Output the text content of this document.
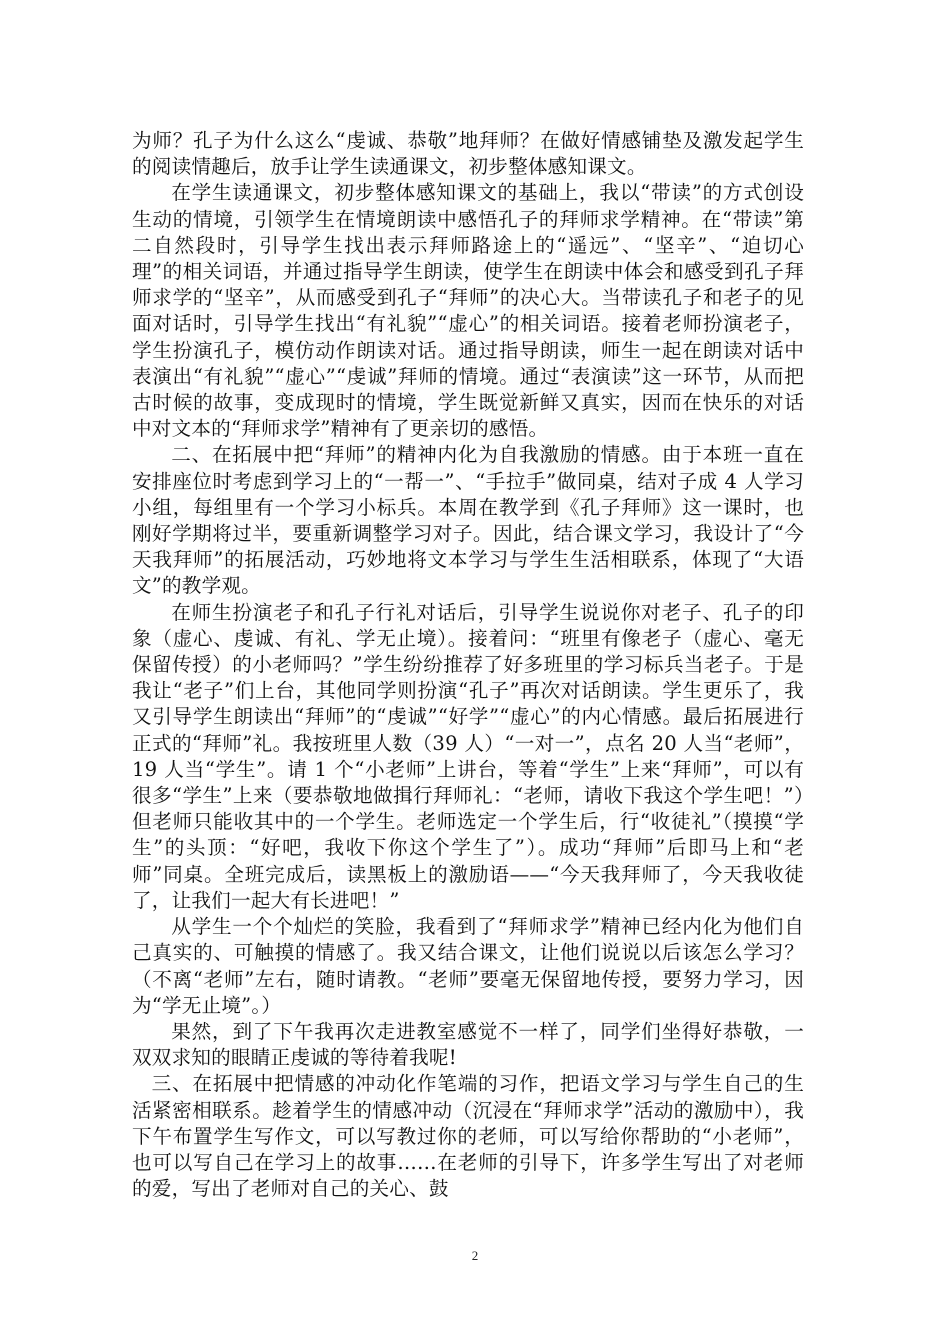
为师？孔子为什么这么“虔诚、恭敬”地拜师？在做好情感铺垫及激发起学生的阅读情趣后，放手让学生读通课文，初步整体感知课文。

在学生读通课文，初步整体感知课文的基础上，我以“带读”的方式创设生动的情境，引领学生在情境朗读中感悟孔子的拜师求学精神。在“带读”第二自然段时，引导学生找出表示拜师路途上的“遥远”、“坚辛”、“迫切心理”的相关词语，并通过指导学生朗读，使学生在朗读中体会和感受到孔子拜师求学的“坚辛”，从而感受到孔子“拜师”的决心大。当带读孔子和老子的见面对话时，引导学生找出“有礼貌”“虚心”的相关词语。接着老师扮演老子，学生扮演孔子，模仿动作朗读对话。通过指导朗读，师生一起在朗读对话中表演出“有礼貌”“虚心”“虔诚”拜师的情境。通过“表演读”这一环节，从而把古时候的故事，变成现时的情境，学生既觉新鲜又真实，因而在快乐的对话中对文本的“拜师求学”精神有了更亲切的感悟。

二、在拓展中把“拜师”的精神内化为自我激励的情感。由于本班一直在安排座位时考虑到学习上的“一帮一”、“手拉手”做同桌，结对子成 4 人学习小组，每组里有一个学习小标兵。本周在教学到《孔子拜师》这一课时，也刚好学期将过半，要重新调整学习对子。因此，结合课文学习，我设计了“今天我拜师”的拓展活动，巧妙地将文本学习与学生生活相联系，体现了“大语文”的教学观。

在师生扮演老子和孔子行礼对话后，引导学生说说你对老子、孔子的印象（虚心、虔诚、有礼、学无止境）。接着问：“班里有像老子（虚心、毫无保留传授）的小老师吗？”学生纷纷推荐了好多班里的学习标兵当老子。于是我让“老子”们上台，其他同学则扮演“孔子”再次对话朗读。学生更乐了，我又引导学生朗读出“拜师”的“虔诚”“好学”“虚心”的内心情感。最后拓展进行正式的“拜师”礼。我按班里人数（39 人）“一对一”，点名 20 人当“老师”，19 人当“学生”。请 1 个“小老师”上讲台，等着“学生”上来“拜师”，可以有很多“学生”上来（要恭敬地做揖行拜师礼：“老师，请收下我这个学生吧！”）但老师只能收其中的一个学生。老师选定一个学生后，行“收徒礼”（摸摸“学生”的头顶：“好吧，我收下你这个学生了”）。成功“拜师”后即马上和“老师”同桌。全班完成后，读黑板上的激励语——“今天我拜师了，今天我收徒了，让我们一起大有长进吧！”

从学生一个个灿烂的笑脸，我看到了“拜师求学”精神已经内化为他们自己真实的、可触摸的情感了。我又结合课文，让他们说说以后该怎么学习？（不离“老师”左右，随时请教。“老师”要毫无保留地传授，要努力学习，因为“学无止境”。）

果然，到了下午我再次走进教室感觉不一样了，同学们坐得好恭敬，一双双求知的眼睛正虔诚的等待着我呢!

三、在拓展中把情感的冲动化作笔端的习作，把语文学习与学生自己的生活紧密相联系。趁着学生的情感冲动（沉浸在“拜师求学”活动的激励中），我下午布置学生写作文，可以写教过你的老师，可以写给你帮助的“小老师”，也可以写自己在学习上的故事……在老师的引导下，许多学生写出了对老师的爱，写出了老师对自己的关心、鼓

2
